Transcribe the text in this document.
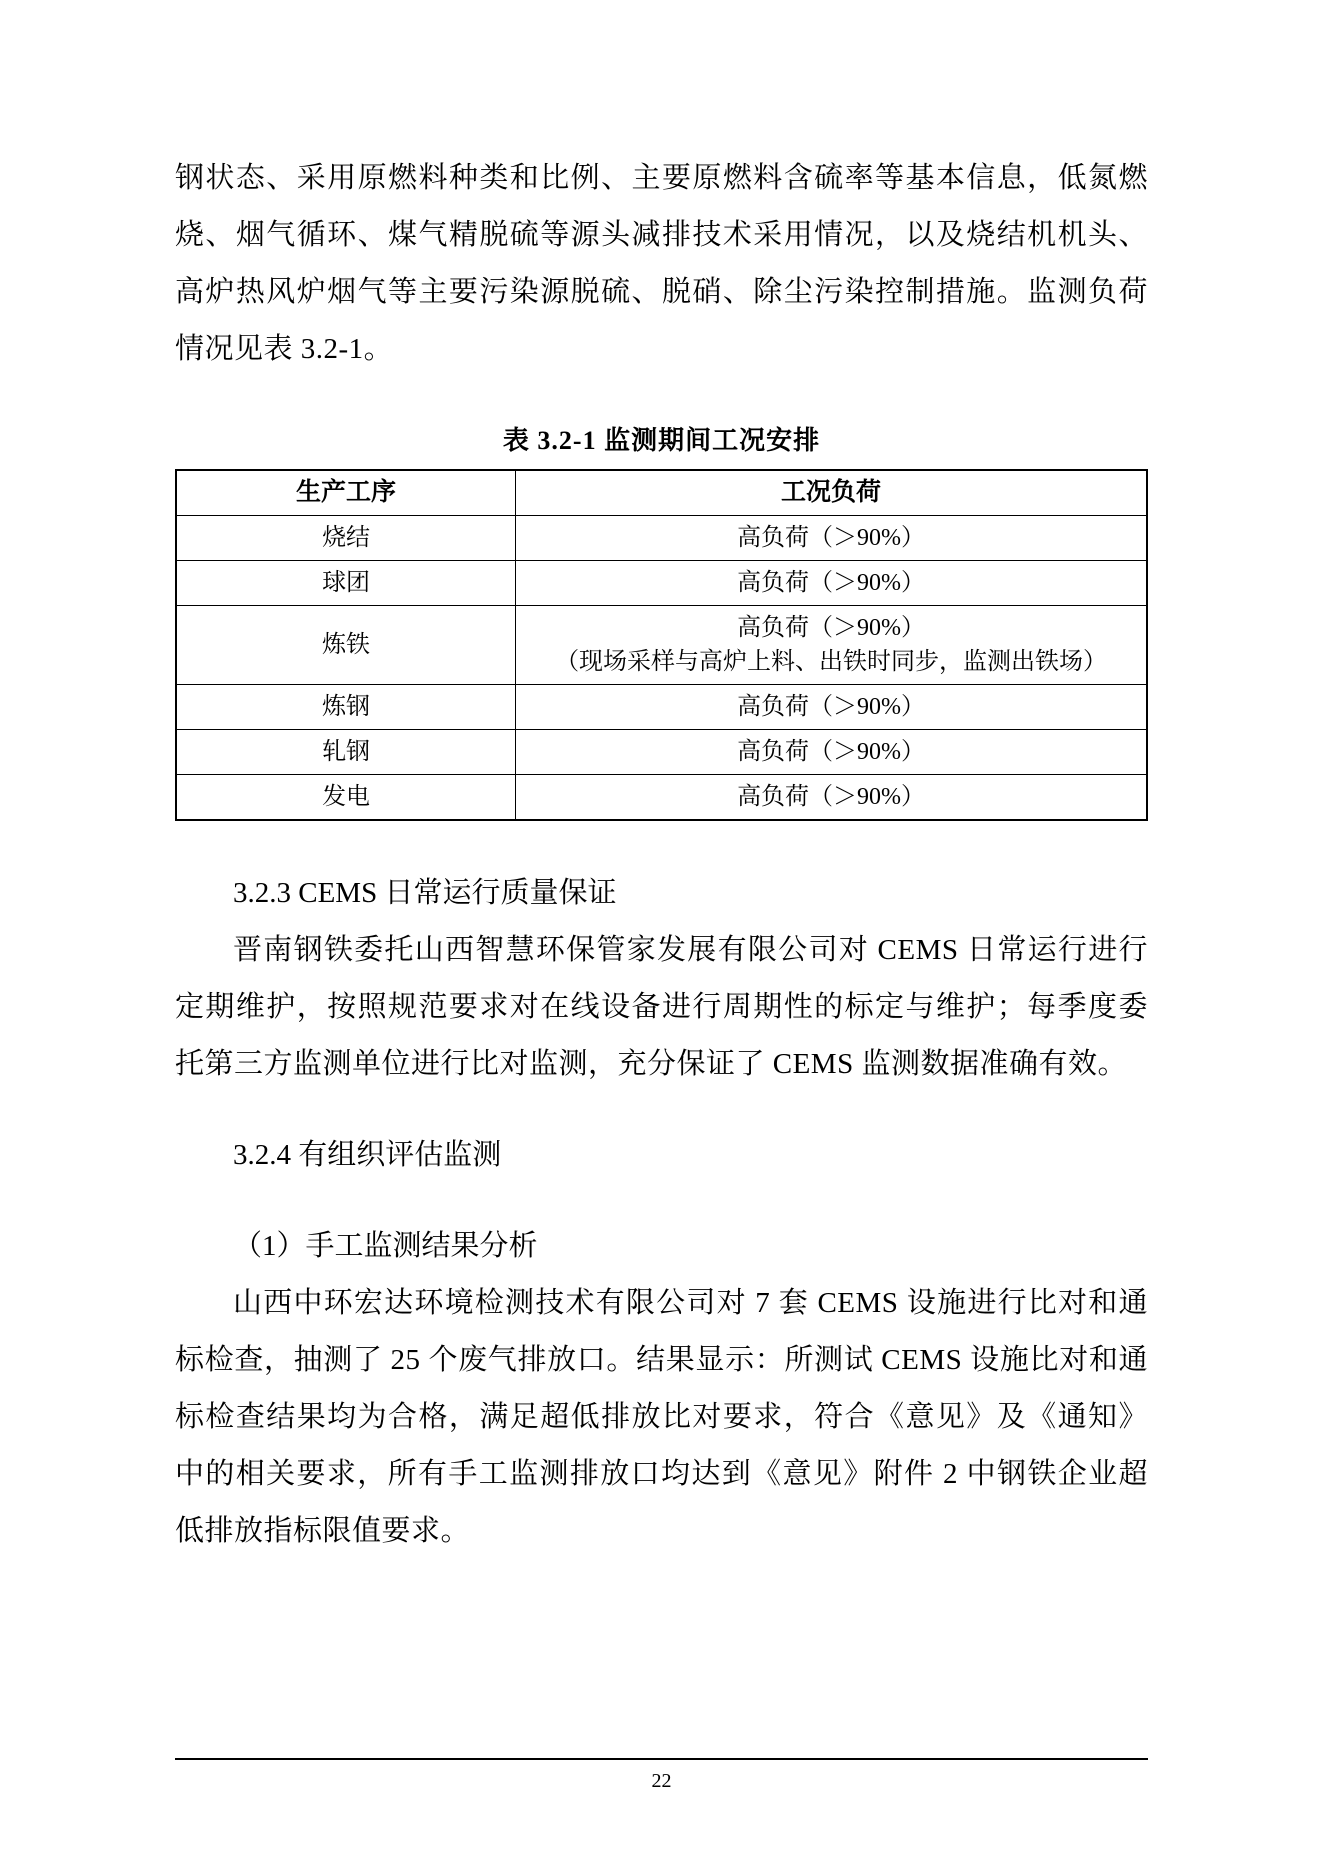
钢状态、采用原燃料种类和比例、主要原燃料含硫率等基本信息，低氮燃烧、烟气循环、煤气精脱硫等源头减排技术采用情况，以及烧结机机头、高炉热风炉烟气等主要污染源脱硫、脱硝、除尘污染控制措施。监测负荷情况见表 3.2-1。

表 3.2-1 监测期间工况安排
生产工序	工况负荷
烧结	高负荷（＞90%）
球团	高负荷（＞90%）
炼铁	高负荷（＞90%）
（现场采样与高炉上料、出铁时同步，监测出铁场）

炼钢	高负荷（＞90%）
轧钢	高负荷（＞90%）
发电	高负荷（＞90%）

3.2.3 CEMS 日常运行质量保证

晋南钢铁委托山西智慧环保管家发展有限公司对 CEMS 日常运行进行定期维护，按照规范要求对在线设备进行周期性的标定与维护；每季度委托第三方监测单位进行比对监测，充分保证了 CEMS 监测数据准确有效。

3.2.4 有组织评估监测

（1）手工监测结果分析

山西中环宏达环境检测技术有限公司对 7 套 CEMS 设施进行比对和通标检查，抽测了 25 个废气排放口。结果显示：所测试 CEMS 设施比对和通标检查结果均为合格，满足超低排放比对要求，符合《意见》及《通知》中的相关要求，所有手工监测排放口均达到《意见》附件 2 中钢铁企业超低排放指标限值要求。

22
